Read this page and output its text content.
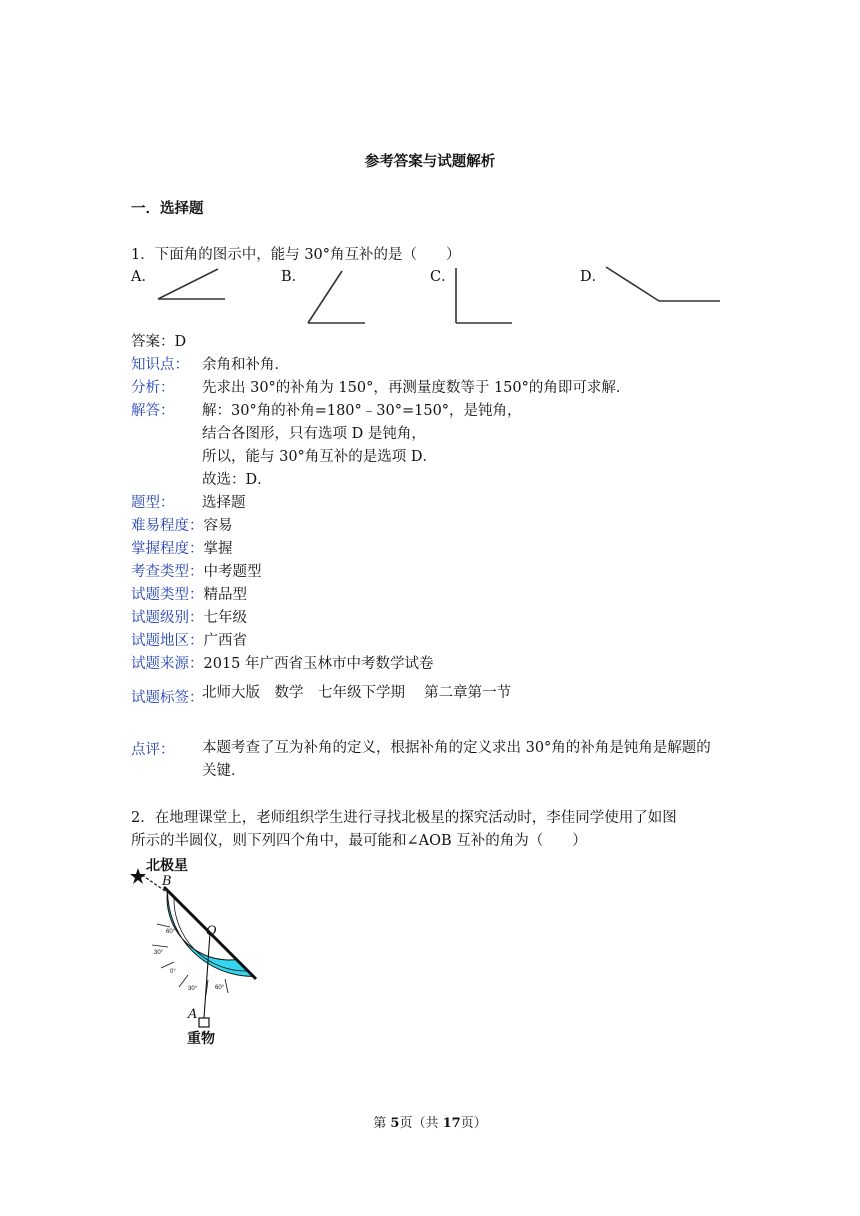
参考答案与试题解析
一．选择题
1．下面角的图示中，能与 30°角互补的是（　　）
A．	B．	C．	D．
答案：D
知识点： 余角和补角．
分析： 先求出 30°的补角为 150°，再测量度数等于 150°的角即可求解．
解答：	解：30°角的补角=180°﹣30°=150°，是钝角，
结合各图形，只有选项 D 是钝角，
所以，能与 30°角互补的是选项 D．
故选：D．
题型： 选择题
难易程度：容易
掌握程度：掌握
考查类型：中考题型
试题类型：精品型
试题级别：七年级
试题地区：广西省
试题来源：2015 年广西省玉林市中考数学试卷
试题标签：
北师大版　数学　七年级下学期　 第二章第一节
点评： 本题考查了互为补角的定义，根据补角的定义求出 30°角的补角是钝角是解题的
关键．
2．在地理课堂上，老师组织学生进行寻找北极星的探究活动时，李佳同学使用了如图
所示的半圆仪，则下列四个角中，最可能和∠AOB 互补的角为（　　）
60°
30°
0°
30°	60°
B
O
A
北极星
重物
第 5页（共 17页）
